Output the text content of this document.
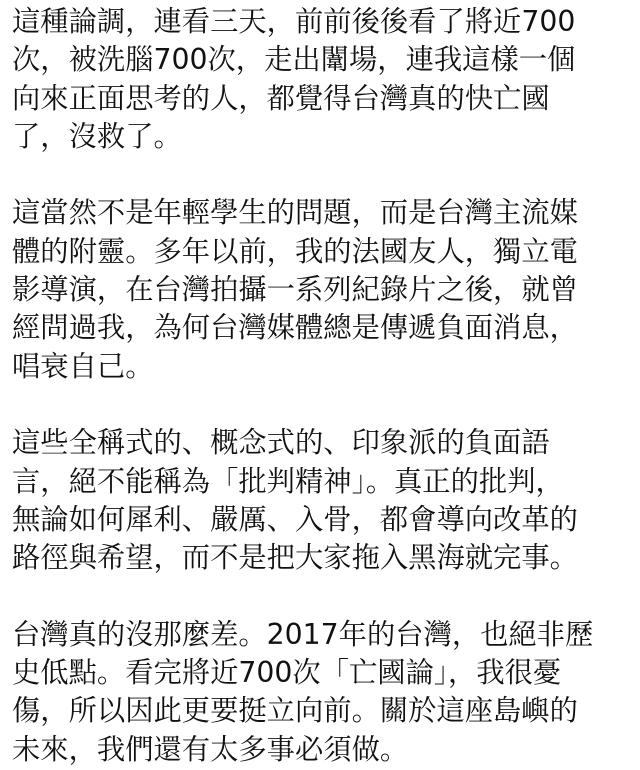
這種論調，連看三天，前前後後看了將近700
次，被洗腦700次，走出闈場，連我這樣一個
向來正面思考的人，都覺得台灣真的快亡國
了，沒救了。
這當然不是年輕學生的問題，而是台灣主流媒
體的附靈。多年以前，我的法國友人，獨立電
影導演，在台灣拍攝一系列紀錄片之後，就曾
經問過我，為何台灣媒體總是傳遞負面消息，
唱衰自己。
這些全稱式的、概念式的、印象派的負面語
言，絕不能稱為「批判精神」。真正的批判，
無論如何犀利、嚴厲、入骨，都會導向改革的
路徑與希望，而不是把大家拖入黑海就完事。
台灣真的沒那麼差。2017年的台灣，也絕非歷
史低點。看完將近700次「亡國論」，我很憂
傷，所以因此更要挺立向前。關於這座島嶼的
未來，我們還有太多事必須做。
